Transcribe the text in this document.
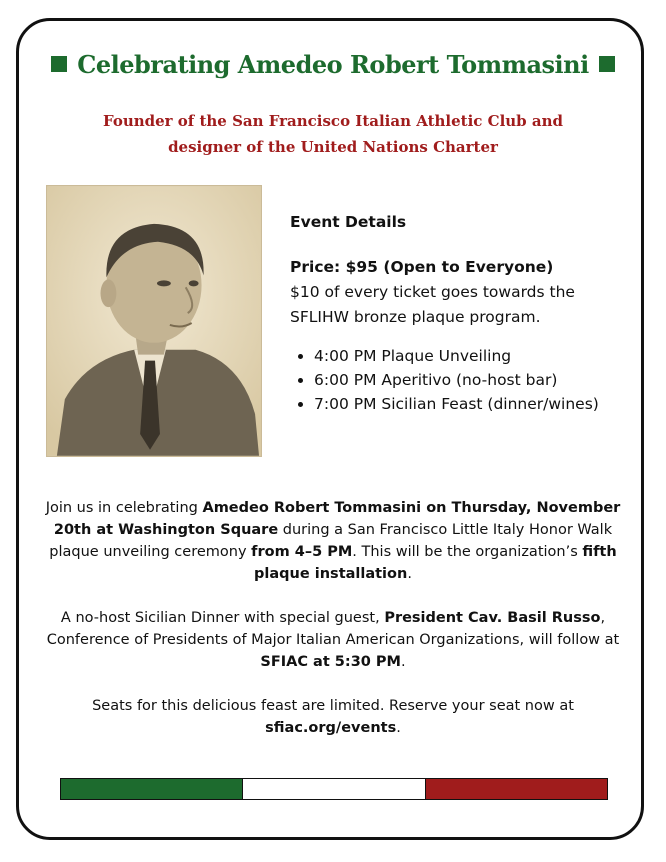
Celebrating Amedeo Robert Tommasini
Founder of the San Francisco Italian Athletic Club and
designer of the United Nations Charter
Event Details
Price: $95 (Open to Everyone)
$10 of every ticket goes towards the
SFLIHW bronze plaque program.
• 4:00 PM Plaque Unveiling
• 6:00 PM Aperitivo (no-host bar)
• 7:00 PM Sicilian Feast (dinner/wines)

Join us in celebrating Amedeo Robert Tommasini on Thursday, November 20th at Washington Square during a San Francisco Little Italy Honor Walk plaque unveiling ceremony from 4–5 PM. This will be the organization’s fifth plaque installation.

A no-host Sicilian Dinner with special guest, President Cav. Basil Russo, Conference of Presidents of Major Italian American Organizations, will follow at SFIAC at 5:30 PM.

Seats for this delicious feast are limited. Reserve your seat now at sfiac.org/events.
